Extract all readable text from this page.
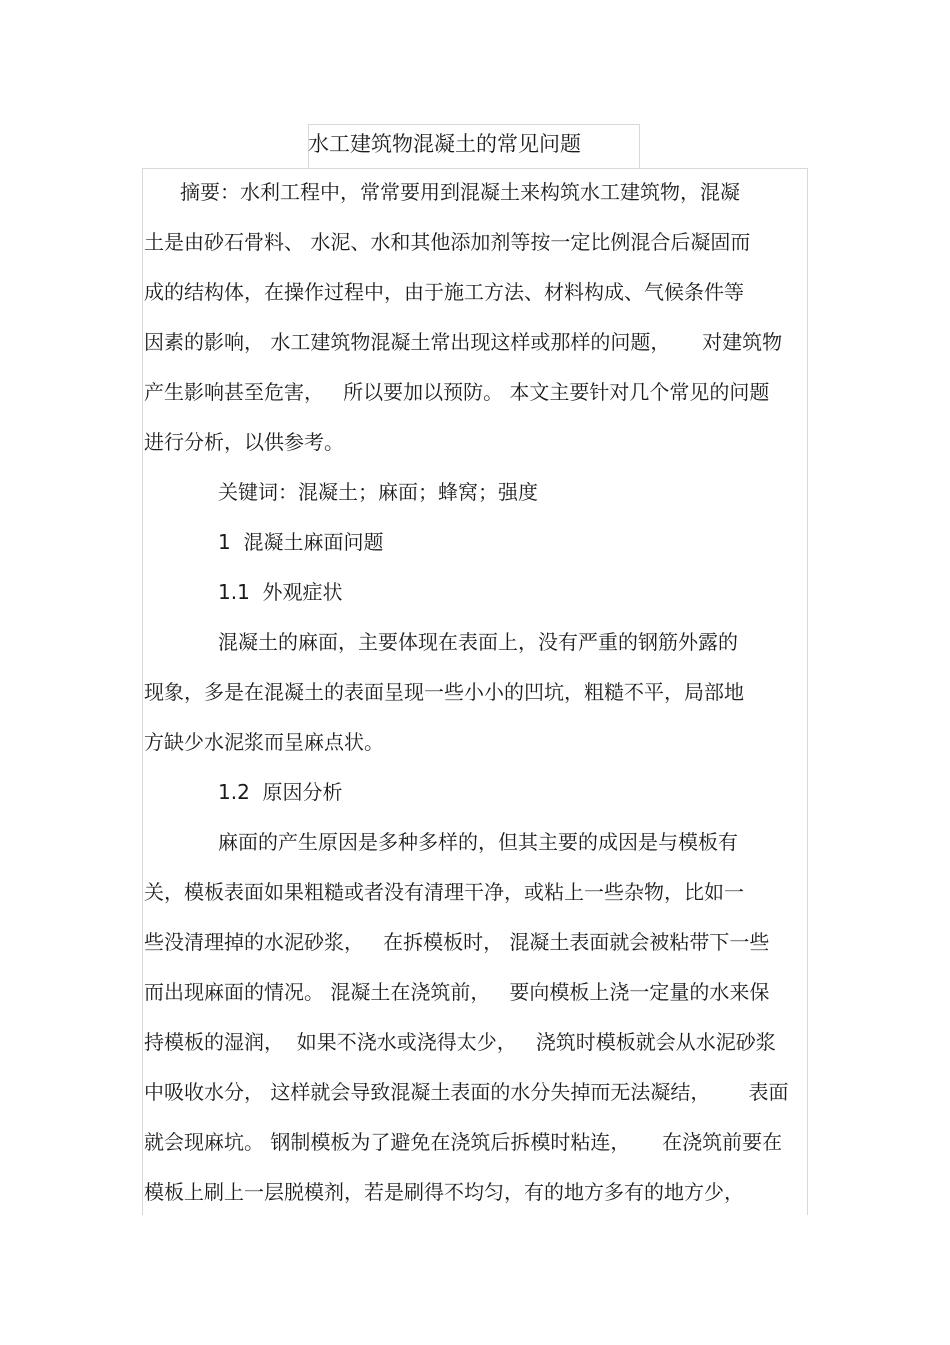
水工建筑物混凝土的常见问题
摘要：水利工程中，常常要用到混凝土来构筑水工建筑物，混凝
土是由砂石骨料、 水泥、水和其他添加剂等按一定比例混合后凝固而
成的结构体，在操作过程中，由于施工方法、材料构成、气候条件等
因素的影响， 水工建筑物混凝土常出现这样或那样的问题，     对建筑物
产生影响甚至危害，   所以要加以预防。 本文主要针对几个常见的问题
进行分析，以供参考。
关键词：混凝土；麻面；蜂窝；强度
1  混凝土麻面问题
1.1  外观症状
混凝土的麻面，主要体现在表面上，没有严重的钢筋外露的
现象，多是在混凝土的表面呈现一些小小的凹坑，粗糙不平，局部地
方缺少水泥浆而呈麻点状。
1.2  原因分析
麻面的产生原因是多种多样的，但其主要的成因是与模板有
关，模板表面如果粗糙或者没有清理干净，或粘上一些杂物，比如一
些没清理掉的水泥砂浆，   在拆模板时， 混凝土表面就会被粘带下一些
而出现麻面的情况。 混凝土在浇筑前，   要向模板上浇一定量的水来保
持模板的湿润，  如果不浇水或浇得太少，   浇筑时模板就会从水泥砂浆
中吸收水分， 这样就会导致混凝土表面的水分失掉而无法凝结，      表面
就会现麻坑。 钢制模板为了避免在浇筑后拆模时粘连，     在浇筑前要在
模板上刷上一层脱模剂，若是刷得不均匀，有的地方多有的地方少，
